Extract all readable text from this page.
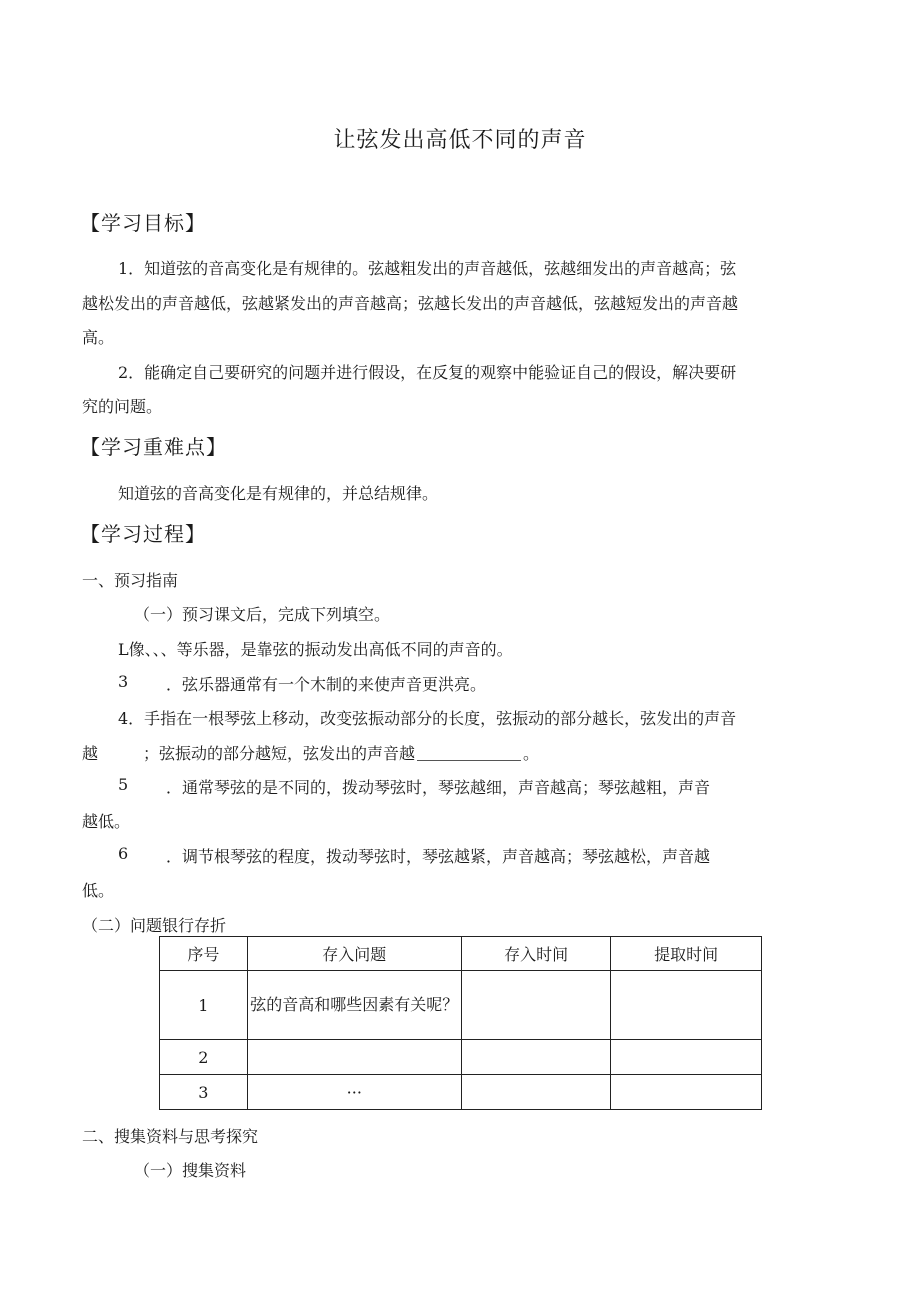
让弦发出高低不同的声音
【学习目标】
1．知道弦的音高变化是有规律的。弦越粗发出的声音越低，弦越细发出的声音越高；弦
越松发出的声音越低，弦越紧发出的声音越高；弦越长发出的声音越低，弦越短发出的声音越
高。
2．能确定自己要研究的问题并进行假设，在反复的观察中能验证自己的假设，解决要研
究的问题。
【学习重难点】
知道弦的音高变化是有规律的，并总结规律。
【学习过程】
一、预习指南
（一）预习课文后，完成下列填空。
L像、、、等乐器，是靠弦的振动发出高低不同的声音的。
3 ．弦乐器通常有一个木制的来使声音更洪亮。
4．手指在一根琴弦上移动，改变弦振动部分的长度，弦振动的部分越长，弦发出的声音
越	；弦振动的部分越短，弦发出的声音越	。
5 ．通常琴弦的是不同的，拨动琴弦时，琴弦越细，声音越高；琴弦越粗，声音
越低。
6 ．调节根琴弦的程度，拨动琴弦时，琴弦越紧，声音越高；琴弦越松，声音越
低。
（二）问题银行存折
序号	存入问题	存入时间	提取时间
1	弦的音高和哪些因素有关呢？		
2			
3	···		
二、搜集资料与思考探究
（一）搜集资料
